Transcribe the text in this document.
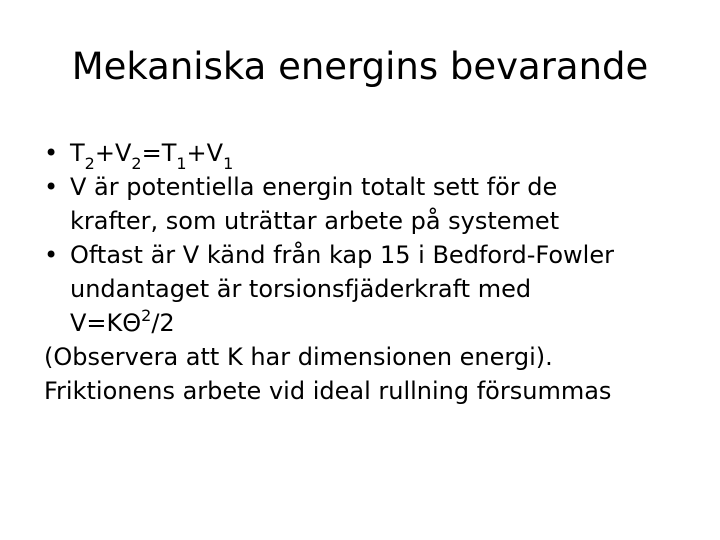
Mekaniska energins bevarande
• $T_2+V_2=T_1+V_1$
• V är potentiella energin totalt sett för de
krafter, som uträttar arbete på systemet
• Oftast är V känd från kap 15 i Bedford-Fowler
undantaget är torsionsfjäderkraft med
$V=K\Theta^2/2$
(Observera att K har dimensionen energi).
Friktionens arbete vid ideal rullning försummas
